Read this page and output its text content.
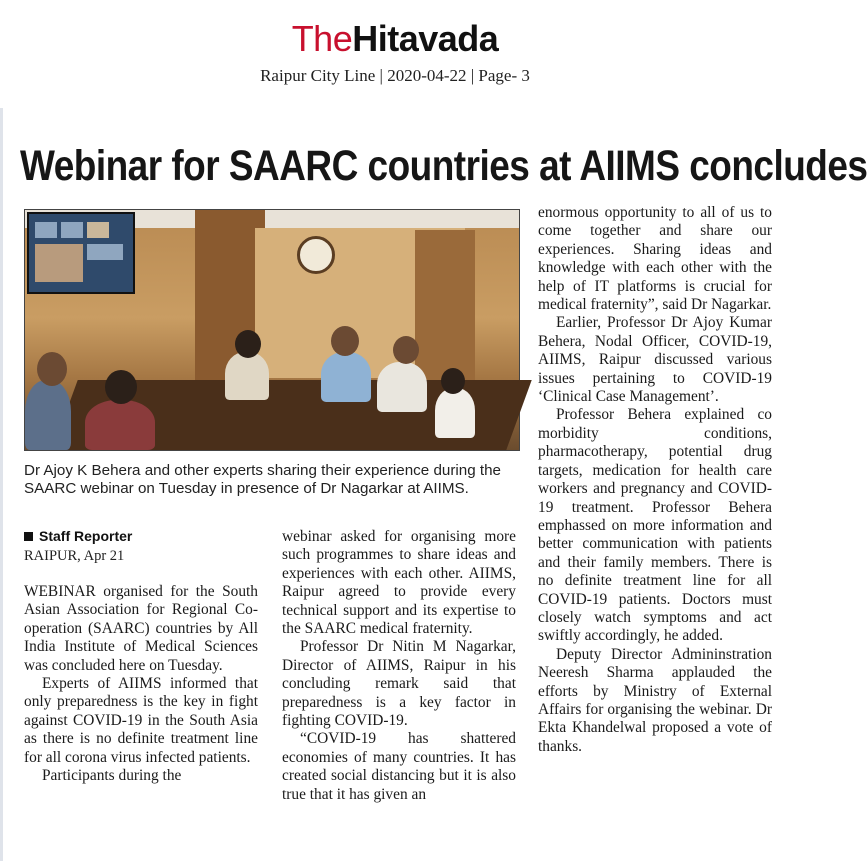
TheHitavada
Raipur City Line | 2020-04-22 | Page- 3
Webinar for SAARC countries at AIIMS concludes
Dr Ajoy K Behera and other experts sharing their experience during the SAARC webinar on Tuesday in presence of Dr Nagarkar at AIIMS.
Staff Reporter
RAIPUR, Apr 21

WEBINAR organised for the South Asian Association for Regional Co-operation (SAARC) countries by All India Institute of Medical Sciences was concluded here on Tuesday.

Experts of AIIMS informed that only preparedness is the key in fight against COVID-19 in the South Asia as there is no definite treatment line for all corona virus infected patients.

Participants during the

webinar asked for organising more such programmes to share ideas and experiences with each other. AIIMS, Raipur agreed to provide every technical support and its expertise to the SAARC medical fraternity.

Professor Dr Nitin M Nagarkar, Director of AIIMS, Raipur in his concluding remark said that preparedness is a key factor in fighting COVID-19.

“COVID-19 has shattered economies of many countries. It has created social distancing but it is also true that it has given an

enormous opportunity to all of us to come together and share our experiences. Sharing ideas and knowledge with each other with the help of IT platforms is crucial for medical fraternity”, said Dr Nagarkar.

Earlier, Professor Dr Ajoy Kumar Behera, Nodal Officer, COVID-19, AIIMS, Raipur discussed various issues pertaining to COVID-19 ‘Clinical Case Management’.

Professor Behera explained co morbidity conditions, pharmacotherapy, potential drug targets, medication for health care workers and pregnancy and COVID-19 treatment. Professor Behera emphassed on more information and better communication with patients and their family members. There is no definite treatment line for all COVID-19 patients. Doctors must closely watch symptoms and act swiftly accordingly, he added.

Deputy Director Admininstration Neeresh Sharma applauded the efforts by Ministry of External Affairs for organising the webinar. Dr Ekta Khandelwal proposed a vote of thanks.
